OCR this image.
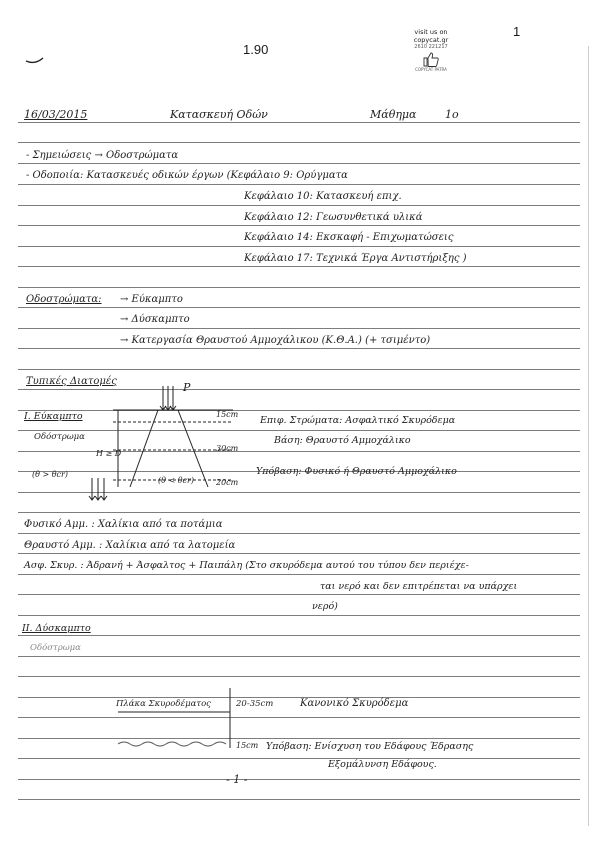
1.90
1
visit us on
copycat.gr
2610 221217
COPYCAT PATRA
16/03/2015	Κατασκευή Οδών	Μάθημα	1ο
- Σημειώσεις → Οδοστρώματα
- Οδοποιία: Κατασκευές οδικών έργων (Κεφάλαιο 9: Ορύγματα
Κεφάλαιο 10: Κατασκευή επιχ.
Κεφάλαιο 12: Γεωσυνθετικά υλικά
Κεφάλαιο 14: Εκσκαφή - Επιχωματώσεις
Κεφάλαιο 17: Τεχνικά Έργα Αντιστήριξης )
Οδοστρώματα: → Εύκαμπτο
→ Δύσκαμπτο
→ Κατεργασία Θραυστού Αμμοχάλικου (Κ.Θ.Α.) (+ τσιμέντο)
Τυπικές Διατομές	P
H ≥ D
15cm
30cm
20cm
(θ > θcr)
(θ < θcr)
I. Εύκαμπτο
Οδόστρωμα
Επιφ. Στρώματα: Ασφαλτικό Σκυρόδεμα
Βάση: Θραυστό Αμμοχάλικο
Υπόβαση: Φυσικό ή Θραυστό Αμμοχάλικο
Φυσικό Αμμ. : Χαλίκια από τα ποτάμια
Θραυστό Αμμ. : Χαλίκια από τα λατομεία
Ασφ. Σκυρ. : Άδρανή + Άσφαλτος + Παιπάλη (Στο σκυρόδεμα αυτού του τύπου δεν περιέχε-
ται νερό και δεν επιτρέπεται να υπάρχει
νερό)
II. Δύσκαμπτο
Οδόστρωμα
Πλάκα Σκυροδέματος	20-35cm	Κανονικό Σκυρόδεμα
15cm Υπόβαση: Ενίσχυση του Εδάφους Έδρασης
Εξομάλυνση Εδάφους.
- 1 -
